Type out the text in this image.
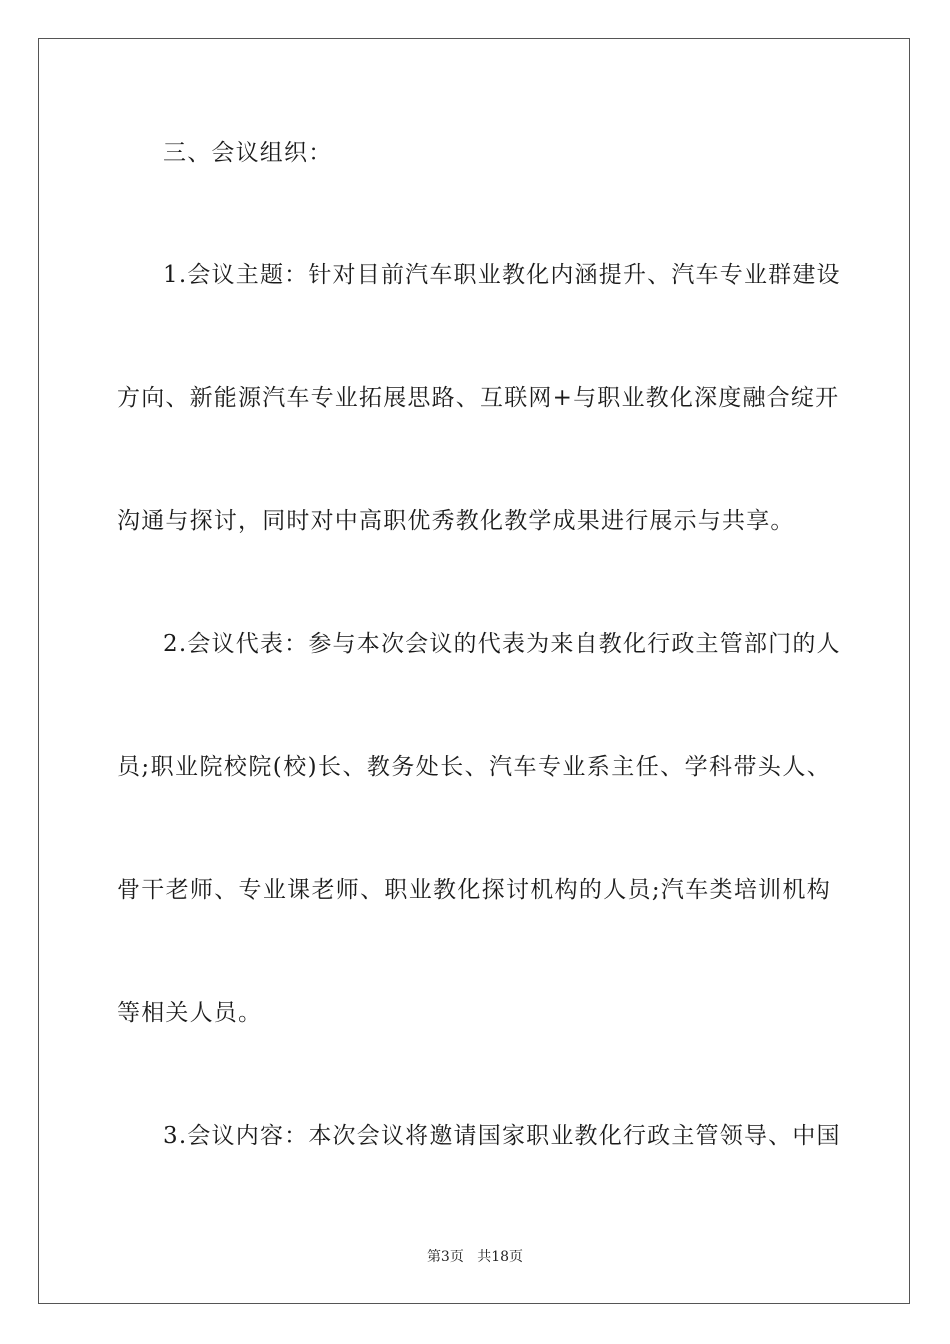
三、会议组织：
1.会议主题：针对目前汽车职业教化内涵提升、汽车专业群建设
方向、新能源汽车专业拓展思路、互联网+与职业教化深度融合绽开
沟通与探讨，同时对中高职优秀教化教学成果进行展示与共享。
2.会议代表：参与本次会议的代表为来自教化行政主管部门的人
员;职业院校院(校)长、教务处长、汽车专业系主任、学科带头人、
骨干老师、专业课老师、职业教化探讨机构的人员;汽车类培训机构
等相关人员。
3.会议内容：本次会议将邀请国家职业教化行政主管领导、中国
第3页 共18页
